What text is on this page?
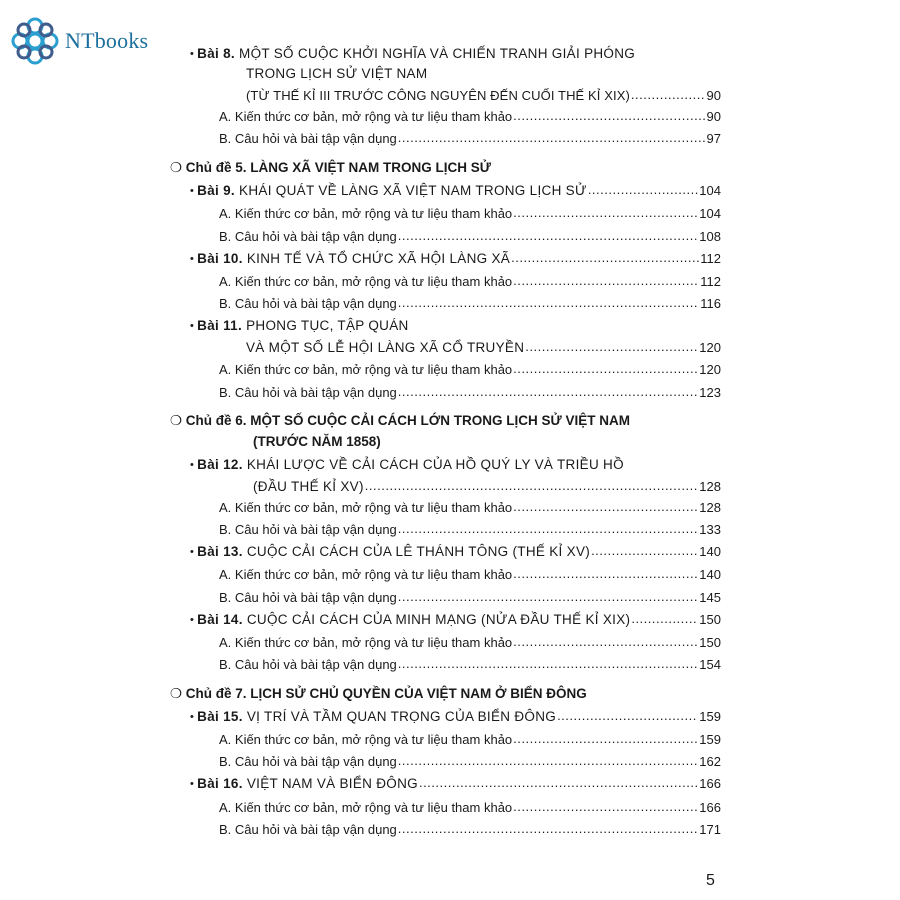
NTbooks
• Bài 8. MỘT SỐ CUỘC KHỞI NGHĨA VÀ CHIẾN TRANH GIẢI PHÓNG
TRONG LỊCH SỬ VIỆT NAM
(TỪ THẾ KỈ III TRƯỚC CÔNG NGUYÊN ĐẾN CUỐI THẾ KỈ XIX) .....	90
A. Kiến thức cơ bản, mở rộng và tư liệu tham khảo .....	90
B. Câu hỏi và bài tập vận dụng .....	97
❍ Chủ đề 5. LÀNG XÃ VIỆT NAM TRONG LỊCH SỬ
• Bài 9. KHÁI QUÁT VỀ LÀNG XÃ VIỆT NAM TRONG LỊCH SỬ .....	104
A. Kiến thức cơ bản, mở rộng và tư liệu tham khảo .....	104
B. Câu hỏi và bài tập vận dụng .....	108
• Bài 10. KINH TẾ VÀ TỔ CHỨC XÃ HỘI LÀNG XÃ .....	112
A. Kiến thức cơ bản, mở rộng và tư liệu tham khảo .....	112
B. Câu hỏi và bài tập vận dụng .....	116
• Bài 11. PHONG TỤC, TẬP QUÁN
VÀ MỘT SỐ LỄ HỘI LÀNG XÃ CỔ TRUYỀN .....	120
A. Kiến thức cơ bản, mở rộng và tư liệu tham khảo .....	120
B. Câu hỏi và bài tập vận dụng .....	123
❍ Chủ đề 6. MỘT SỐ CUỘC CẢI CÁCH LỚN TRONG LỊCH SỬ VIỆT NAM
(TRƯỚC NĂM 1858)
• Bài 12. KHÁI LƯỢC VỀ CẢI CÁCH CỦA HỒ QUÝ LY VÀ TRIỀU HỒ
(ĐẦU THẾ KỈ XV) .....	128
A. Kiến thức cơ bản, mở rộng và tư liệu tham khảo .....	128
B. Câu hỏi và bài tập vận dụng .....	133
• Bài 13. CUỘC CẢI CÁCH CỦA LÊ THÁNH TÔNG (THẾ KỈ XV) .....	140
A. Kiến thức cơ bản, mở rộng và tư liệu tham khảo .....	140
B. Câu hỏi và bài tập vận dụng .....	145
• Bài 14. CUỘC CẢI CÁCH CỦA MINH MẠNG (NỬA ĐẦU THẾ KỈ XIX) .....	150
A. Kiến thức cơ bản, mở rộng và tư liệu tham khảo .....	150
B. Câu hỏi và bài tập vận dụng .....	154
❍ Chủ đề 7. LỊCH SỬ CHỦ QUYỀN CỦA VIỆT NAM Ở BIỂN ĐÔNG
• Bài 15. VỊ TRÍ VÀ TẦM QUAN TRỌNG CỦA BIỂN ĐÔNG .....	159
A. Kiến thức cơ bản, mở rộng và tư liệu tham khảo .....	159
B. Câu hỏi và bài tập vận dụng .....	162
• Bài 16. VIỆT NAM VÀ BIỂN ĐÔNG .....	166
A. Kiến thức cơ bản, mở rộng và tư liệu tham khảo .....	166
B. Câu hỏi và bài tập vận dụng .....	171
5
